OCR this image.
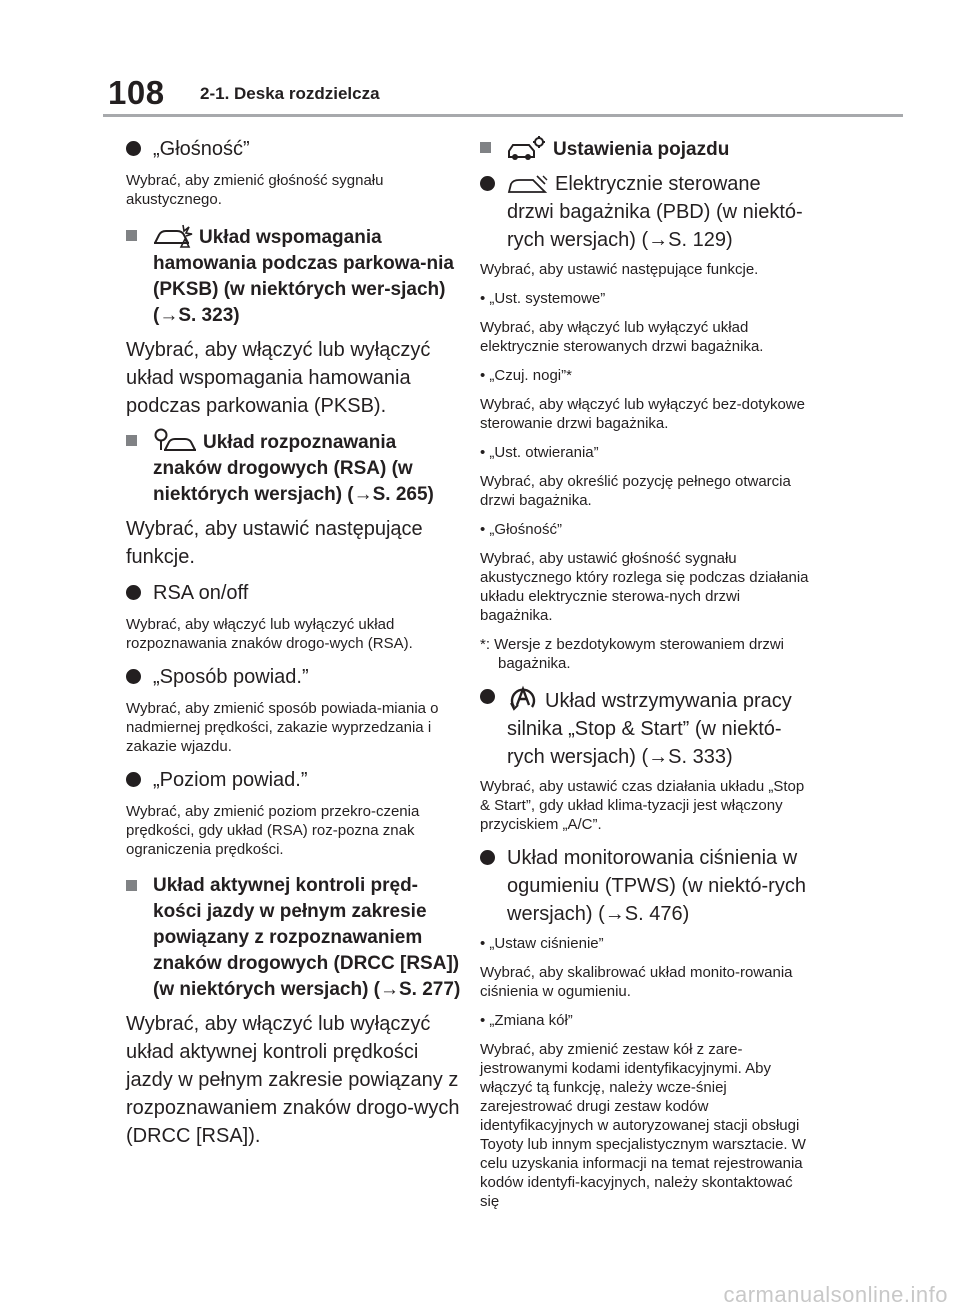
108 2-1. Deska rozdzielcza
„Głośność”
Wybrać, aby zmienić głośność sygnału akustycznego.
Układ wspomagania hamowania podczas parkowa-nia (PKSB) (w niektórych wer-sjach) (→S. 323)
Wybrać, aby włączyć lub wyłączyć układ wspomagania hamowania podczas parkowania (PKSB).
Układ rozpoznawania znaków drogowych (RSA) (w niektórych wersjach) (→S. 265)
Wybrać, aby ustawić następujące funkcje.
RSA on/off
Wybrać, aby włączyć lub wyłączyć układ rozpoznawania znaków drogo-wych (RSA).
„Sposób powiad.”
Wybrać, aby zmienić sposób powiada-miania o nadmiernej prędkości, zakazie wyprzedzania i zakazie wjazdu.
„Poziom powiad.”
Wybrać, aby zmienić poziom przekro-czenia prędkości, gdy układ (RSA) roz-pozna znak ograniczenia prędkości.
Układ aktywnej kontroli pręd-kości jazdy w pełnym zakresie powiązany z rozpoznawaniem znaków drogowych (DRCC [RSA]) (w niektórych wersjach) (→S. 277)
Wybrać, aby włączyć lub wyłączyć układ aktywnej kontroli prędkości jazdy w pełnym zakresie powiązany z rozpoznawaniem znaków drogo-wych (DRCC [RSA]).
Ustawienia pojazdu
Elektrycznie sterowane drzwi bagażnika (PBD) (w niektó-rych wersjach) (→S. 129)
Wybrać, aby ustawić następujące funkcje.
• „Ust. systemowe”
Wybrać, aby włączyć lub wyłączyć układ elektrycznie sterowanych drzwi bagażnika.
• „Czuj. nogi”*
Wybrać, aby włączyć lub wyłączyć bez-dotykowe sterowanie drzwi bagażnika.
• „Ust. otwierania”
Wybrać, aby określić pozycję pełnego otwarcia drzwi bagażnika.
• „Głośność”
Wybrać, aby ustawić głośność sygnału akustycznego który rozlega się podczas działania układu elektrycznie sterowa-nych drzwi bagażnika.
*: Wersje z bezdotykowym sterowaniem drzwi bagażnika.
Układ wstrzymywania pracy silnika „Stop & Start” (w niektó-rych wersjach) (→S. 333)
Wybrać, aby ustawić czas działania układu „Stop & Start”, gdy układ klima-tyzacji jest włączony przyciskiem „A/C”.
Układ monitorowania ciśnienia w ogumieniu (TPWS) (w niektó-rych wersjach) (→S. 476)
• „Ustaw ciśnienie”
Wybrać, aby skalibrować układ monito-rowania ciśnienia w ogumieniu.
• „Zmiana kół”
Wybrać, aby zmienić zestaw kół z zare-jestrowanymi kodami identyfikacyjnymi. Aby włączyć tą funkcję, należy wcze-śniej zarejestrować drugi zestaw kodów identyfikacyjnych w autoryzowanej stacji obsługi Toyoty lub innym specjalistycznym warsztacie. W celu uzyskania informacji na temat rejestrowania kodów identyfi-kacyjnych, należy skontaktować się
carmanualsonline.info
